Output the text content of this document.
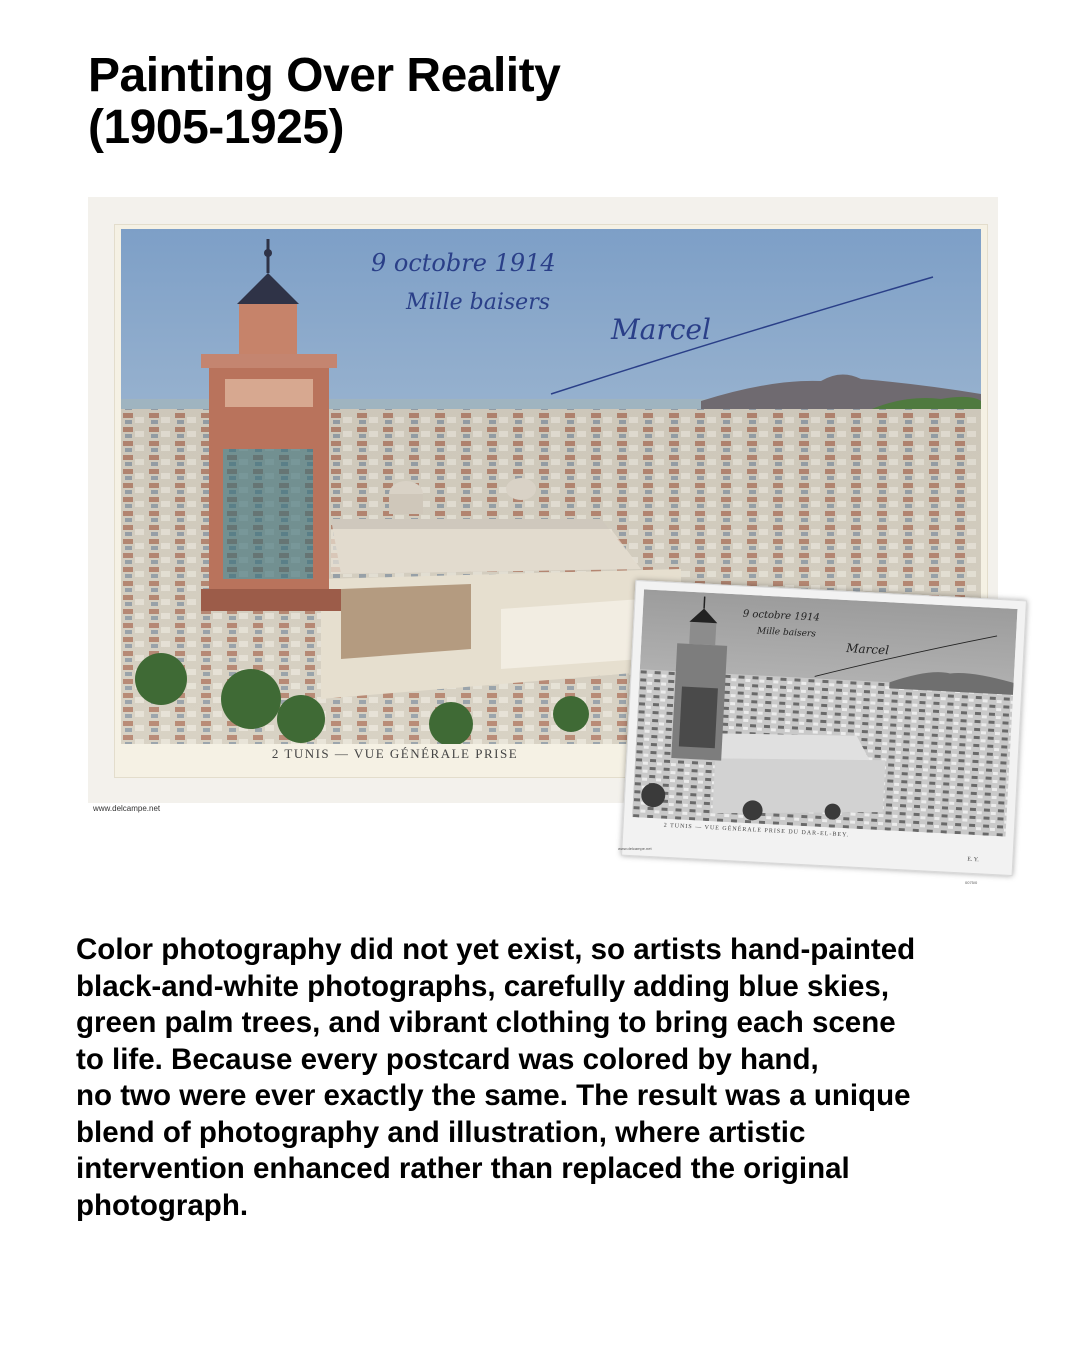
Painting Over Reality
(1905-1925)
9 octobre 1914
Mille baisers
Marcel
2 TUNIS — VUE GÉNÉRALE PRISE
www.delcampe.net
9 octobre 1914
Mille baisers
Marcel
2 TUNIS — VUE GÉNÉRALE PRISE DU DAR-EL-BEY.
E. Y.
www.delcampe.net
0075/0

Color photography did not yet exist, so artists hand-painted
black-and-white photographs, carefully adding blue skies,
green palm trees, and vibrant clothing to bring each scene
to life. Because every postcard was colored by hand,
no two were ever exactly the same. The result was a unique
blend of photography and illustration, where artistic
intervention enhanced rather than replaced the original
photograph.
